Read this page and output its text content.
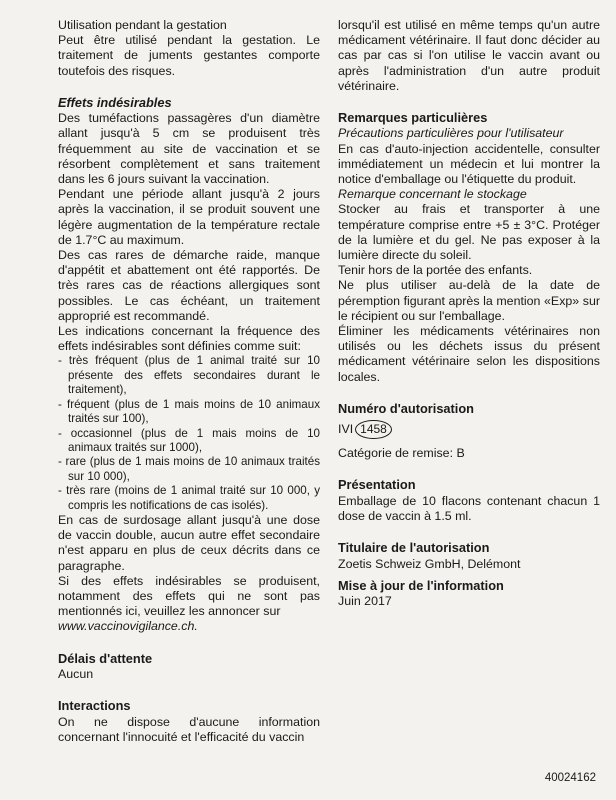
Utilisation pendant la gestation

Peut être utilisé pendant la gestation. Le traitement de juments gestantes comporte toutefois des risques.

Effets indésirables

Des tuméfactions passagères d'un diamètre allant jusqu'à 5 cm se produisent très fréquemment au site de vaccination et se résorbent complètement et sans traitement dans les 6 jours suivant la vaccination.

Pendant une période allant jusqu'à 2 jours après la vaccination, il se produit souvent une légère augmentation de la température rectale de 1.7°C au maximum.

Des cas rares de démarche raide, manque d'appétit et abattement ont été rapportés. De très rares cas de réactions allergiques sont possibles. Le cas échéant, un traitement approprié est recommandé.

Les indications concernant la fréquence des effets indésirables sont définies comme suit:

- très fréquent (plus de 1 animal traité sur 10 présente des effets secondaires durant le traitement),

- fréquent (plus de 1 mais moins de 10 animaux traités sur 100),

- occasionnel (plus de 1 mais moins de 10 animaux traités sur 1000),

- rare (plus de 1 mais moins de 10 animaux traités sur 10 000),

- très rare (moins de 1 animal traité sur 10 000, y compris les notifications de cas isolés).

En cas de surdosage allant jusqu'à une dose de vaccin double, aucun autre effet secondaire n'est apparu en plus de ceux décrits dans ce paragraphe.

Si des effets indésirables se produisent, notamment des effets qui ne sont pas mentionnés ici, veuillez les annoncer sur

www.vaccinovigilance.ch.

Délais d'attente

Aucun

Interactions

On ne dispose d'aucune information concernant l'innocuité et l'efficacité du vaccin

lorsqu'il est utilisé en même temps qu'un autre médicament vétérinaire. Il faut donc décider au cas par cas si l'on utilise le vaccin avant ou après l'administration d'un autre produit vétérinaire.

Remarques particulières

Précautions particulières pour l'utilisateur

En cas d'auto-injection accidentelle, consulter immédiatement un médecin et lui montrer la notice d'emballage ou l'étiquette du produit.

Remarque concernant le stockage

Stocker au frais et transporter à une température comprise entre +5 ± 3°C. Protéger de la lumière et du gel. Ne pas exposer à la lumière directe du soleil.

Tenir hors de la portée des enfants.

Ne plus utiliser au-delà de la date de péremption figurant après la mention «Exp» sur le récipient ou sur l'emballage.

Éliminer les médicaments vétérinaires non utilisés ou les déchets issus du présent médicament vétérinaire selon les dispositions locales.

Numéro d'autorisation
IVI 1458

Catégorie de remise: B

Présentation

Emballage de 10 flacons contenant chacun 1 dose de vaccin à 1.5 ml.

Titulaire de l'autorisation

Zoetis Schweiz GmbH, Delémont

Mise à jour de l'information

Juin 2017

40024162
